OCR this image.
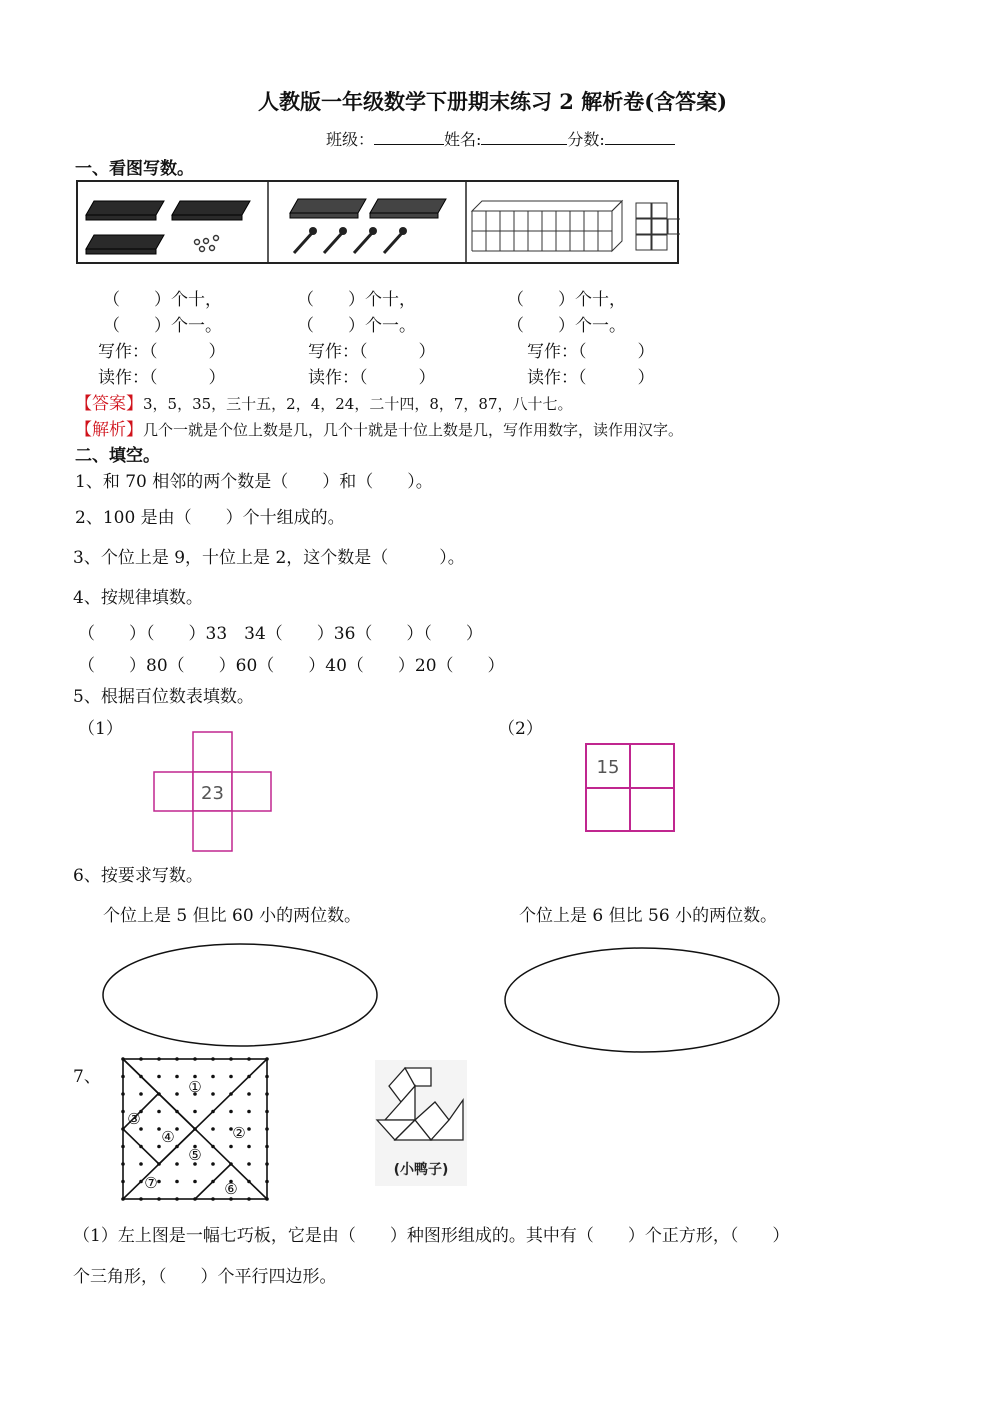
人教版一年级数学下册期末练习 2 解析卷(含答案)
班级：	姓名:	分数:
一、看图写数。
（　　）个十，	（　　）个十，	（　　）个十，
（　　）个一。	（　　）个一。	（　　）个一。
写作：（　　　）	写作：（　　　）	写作：（　　　）
读作：（　　　）	读作：（　　　）	读作：（　　　）
【答案】3，5，35，三十五，2，4，24，二十四，8，7，87，八十七。
【解析】几个一就是个位上数是几，几个十就是十位上数是几，写作用数字，读作用汉字。
二、填空。
1、和 70 相邻的两个数是（　　）和（　　）。
2、100 是由（　　）个十组成的。
3、个位上是 9，十位上是 2，这个数是（　　　）。
4、按规律填数。
（　　）（　　）33　34（　　）36（　　）（　　）
（　　）80（　　）60（　　）40（　　）20（　　）
5、根据百位数表填数。
（1）	（2）
23
15
6、按要求写数。
个位上是 5 但比 60 小的两位数。	个位上是 6 但比 56 小的两位数。
7、	①
②
③
④
⑤
⑥
⑦
(小鸭子)
（1）左上图是一幅七巧板，它是由（　　）种图形组成的。其中有（　　）个正方形，（　　）
个三角形，（　　）个平行四边形。
